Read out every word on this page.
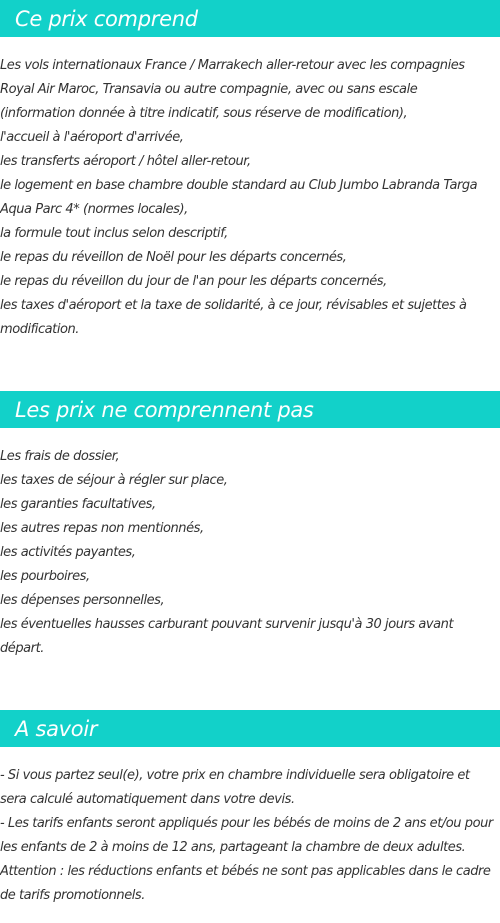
Ce prix comprend
Les vols internationaux France / Marrakech aller-retour avec les compagnies
Royal Air Maroc, Transavia ou autre compagnie, avec ou sans escale
(information donnée à titre indicatif, sous réserve de modification),
l'accueil à l'aéroport d'arrivée,
les transferts aéroport / hôtel aller-retour,
le logement en base chambre double standard au Club Jumbo Labranda Targa
Aqua Parc 4* (normes locales),
la formule tout inclus selon descriptif,
le repas du réveillon de Noël pour les départs concernés,
le repas du réveillon du jour de l'an pour les départs concernés,
les taxes d'aéroport et la taxe de solidarité, à ce jour, révisables et sujettes à
modification.
Les prix ne comprennent pas
Les frais de dossier,
les taxes de séjour à régler sur place,
les garanties facultatives,
les autres repas non mentionnés,
les activités payantes,
les pourboires,
les dépenses personnelles,
les éventuelles hausses carburant pouvant survenir jusqu'à 30 jours avant
départ.
A savoir
- Si vous partez seul(e), votre prix en chambre individuelle sera obligatoire et
sera calculé automatiquement dans votre devis.
- Les tarifs enfants seront appliqués pour les bébés de moins de 2 ans et/ou pour
les enfants de 2 à moins de 12 ans, partageant la chambre de deux adultes.
Attention : les réductions enfants et bébés ne sont pas applicables dans le cadre
de tarifs promotionnels.
